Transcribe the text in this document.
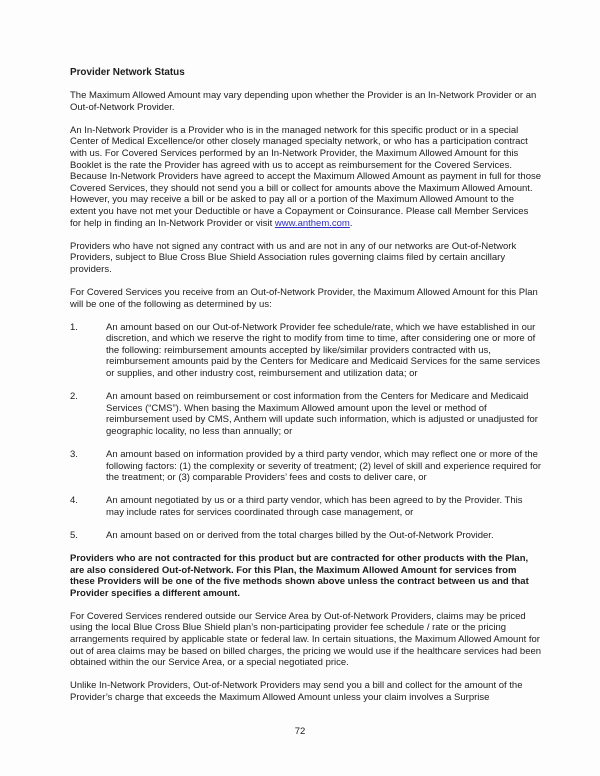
Provider Network Status

The Maximum Allowed Amount may vary depending upon whether the Provider is an In-Network Provider or an Out-of-Network Provider.

An In-Network Provider is a Provider who is in the managed network for this specific product or in a special Center of Medical Excellence/or other closely managed specialty network, or who has a participation contract with us. For Covered Services performed by an In-Network Provider, the Maximum Allowed Amount for this Booklet is the rate the Provider has agreed with us to accept as reimbursement for the Covered Services. Because In-Network Providers have agreed to accept the Maximum Allowed Amount as payment in full for those Covered Services, they should not send you a bill or collect for amounts above the Maximum Allowed Amount. However, you may receive a bill or be asked to pay all or a portion of the Maximum Allowed Amount to the extent you have not met your Deductible or have a Copayment or Coinsurance. Please call Member Services for help in finding an In-Network Provider or visit www.anthem.com.

Providers who have not signed any contract with us and are not in any of our networks are Out-of-Network Providers, subject to Blue Cross Blue Shield Association rules governing claims filed by certain ancillary providers.

For Covered Services you receive from an Out-of-Network Provider, the Maximum Allowed Amount for this Plan will be one of the following as determined by us:

1.	An amount based on our Out-of-Network Provider fee schedule/rate, which we have established in our discretion, and which we reserve the right to modify from time to time, after considering one or more of the following: reimbursement amounts accepted by like/similar providers contracted with us, reimbursement amounts paid by the Centers for Medicare and Medicaid Services for the same services or supplies, and other industry cost, reimbursement and utilization data; or
2.	An amount based on reimbursement or cost information from the Centers for Medicare and Medicaid Services (“CMS”). When basing the Maximum Allowed amount upon the level or method of reimbursement used by CMS, Anthem will update such information, which is adjusted or unadjusted for geographic locality, no less than annually; or
3.	An amount based on information provided by a third party vendor, which may reflect one or more of the following factors: (1) the complexity or severity of treatment; (2) level of skill and experience required for the treatment; or (3) comparable Providers’ fees and costs to deliver care, or
4.	An amount negotiated by us or a third party vendor, which has been agreed to by the Provider. This may include rates for services coordinated through case management, or
5.	An amount based on or derived from the total charges billed by the Out-of-Network Provider.

Providers who are not contracted for this product but are contracted for other products with the Plan, are also considered Out-of-Network. For this Plan, the Maximum Allowed Amount for services from these Providers will be one of the five methods shown above unless the contract between us and that Provider specifies a different amount.

For Covered Services rendered outside our Service Area by Out-of-Network Providers, claims may be priced using the local Blue Cross Blue Shield plan’s non-participating provider fee schedule / rate or the pricing arrangements required by applicable state or federal law. In certain situations, the Maximum Allowed Amount for out of area claims may be based on billed charges, the pricing we would use if the healthcare services had been obtained within the our Service Area, or a special negotiated price.

Unlike In-Network Providers, Out-of-Network Providers may send you a bill and collect for the amount of the Provider’s charge that exceeds the Maximum Allowed Amount unless your claim involves a Surprise

72
